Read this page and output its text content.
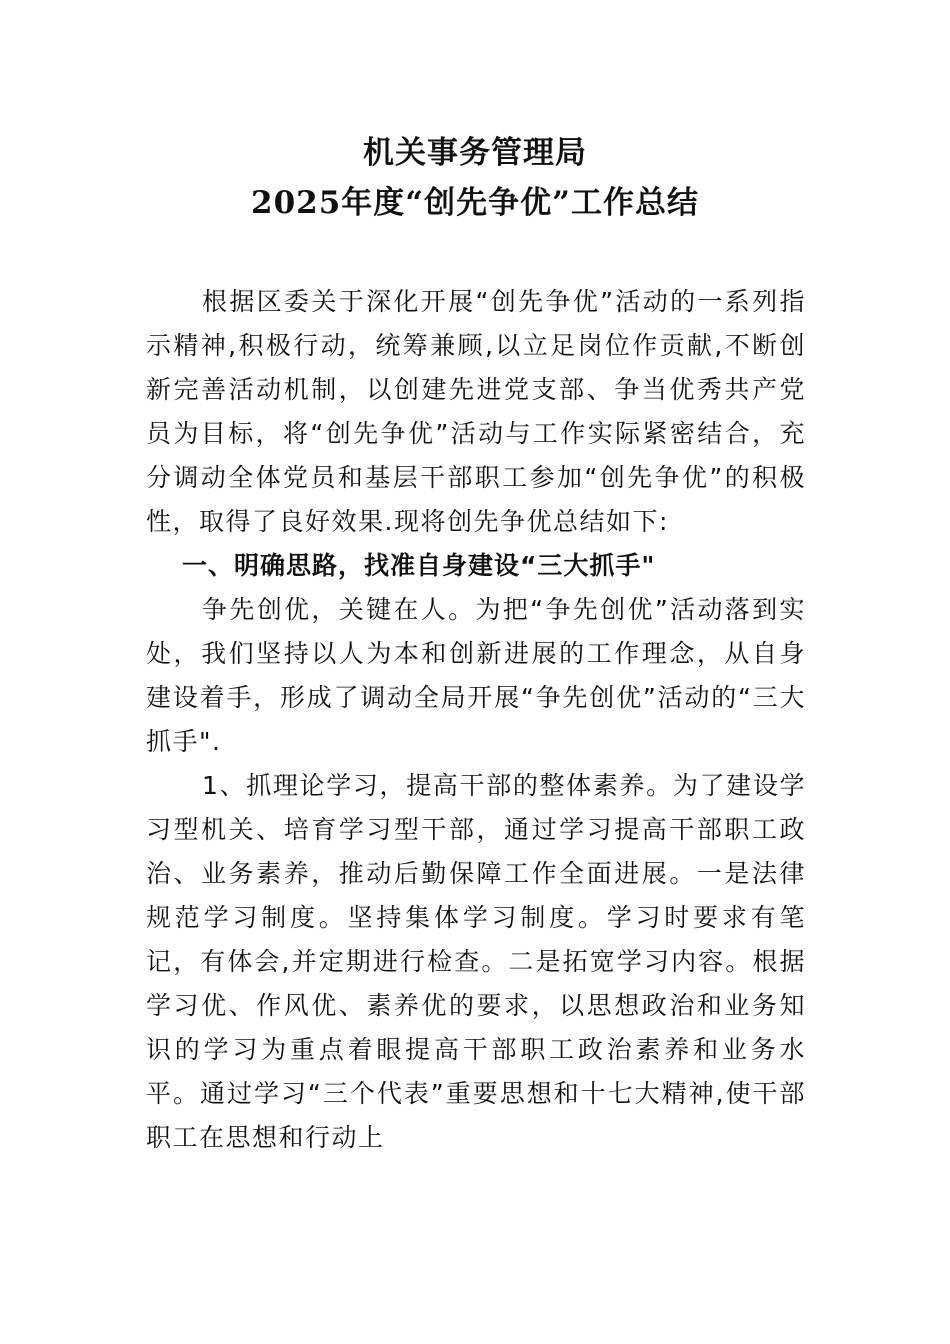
机关事务管理局
2025年度“创先争优”工作总结

根据区委关于深化开展“创先争优”活动的一系列指示精神,积极行动，统筹兼顾,以立足岗位作贡献,不断创新完善活动机制，以创建先进党支部、争当优秀共产党员为目标，将“创先争优”活动与工作实际紧密结合，充分调动全体党员和基层干部职工参加“创先争优”的积极性，取得了良好效果.现将创先争优总结如下:

一、明确思路，找准自身建设“三大抓手"

争先创优，关键在人。为把“争先创优”活动落到实处，我们坚持以人为本和创新进展的工作理念，从自身建设着手，形成了调动全局开展“争先创优”活动的“三大抓手".

1、抓理论学习，提高干部的整体素养。为了建设学习型机关、培育学习型干部，通过学习提高干部职工政治、业务素养，推动后勤保障工作全面进展。一是法律规范学习制度。坚持集体学习制度。学习时要求有笔记，有体会,并定期进行检查。二是拓宽学习内容。根据学习优、作风优、素养优的要求，以思想政治和业务知识的学习为重点着眼提高干部职工政治素养和业务水平。通过学习“三个代表”重要思想和十七大精神,使干部职工在思想和行动上
